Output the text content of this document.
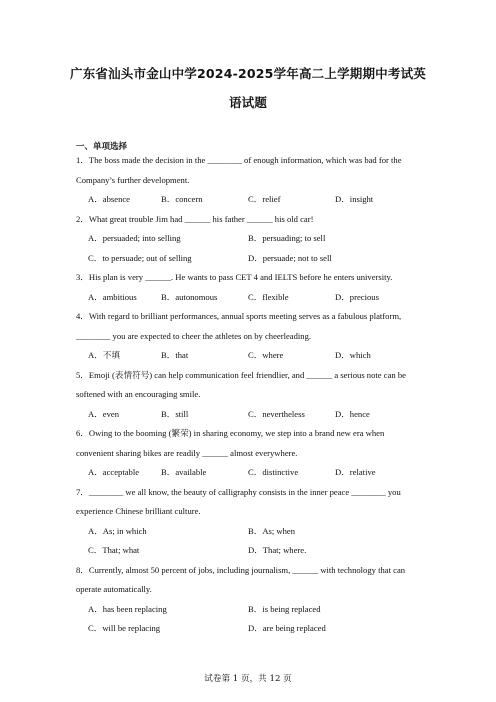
广东省汕头市金山中学2024-2025学年高二上学期期中考试英
语试题
一、单项选择
1．The boss made the decision in the ________ of enough information, which was bad for the
Company’s further development.
A．absence	B．concern	C．relief	D．insight
2．What great trouble Jim had ______ his father ______ his old car!
A．persuaded; into selling	B．persuading; to sell
C．to persuade; out of selling	D．persuade; not to sell
3．His plan is very ______. He wants to pass CET 4 and IELTS before he enters university.
A．ambitious	B．autonomous	C．flexible	D．precious
4．With regard to brilliant performances, annual sports meeting serves as a fabulous platform,
________ you are expected to cheer the athletes on by cheerleading.
A．不填	B．that	C．where	D．which
5．Emoji (表情符号) can help communication feel friendlier, and ______ a serious note can be
softened with an encouraging smile.
A．even	B．still	C．nevertheless	D．hence
6．Owing to the booming (繁荣) in sharing economy, we step into a brand new era when
convenient sharing bikes are readily ______ almost everywhere.
A．acceptable	B．available	C．distinctive	D．relative
7．________ we all know, the beauty of calligraphy consists in the inner peace ________ you
experience Chinese brilliant culture.
A．As; in which	B．As; when
C．That; what	D．That; where.
8．Currently, almost 50 percent of jobs, including journalism, ______ with technology that can
operate automatically.
A．has been replacing	B．is being replaced
C．will be replacing	D．are being replaced
试卷第 1 页，共 12 页
